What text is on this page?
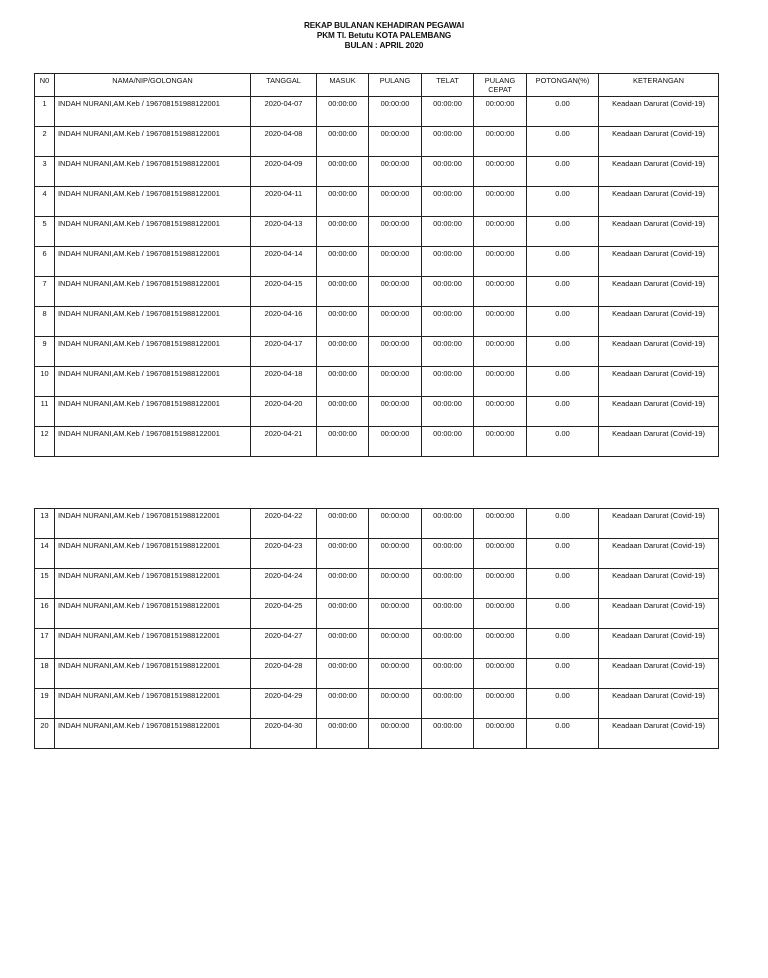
REKAP BULANAN KEHADIRAN PEGAWAI
PKM Tl. Betutu KOTA PALEMBANG
BULAN : APRIL 2020
N0	NAMA/NIP/GOLONGAN	TANGGAL	MASUK	PULANG	TELAT	PULANG CEPAT	POTONGAN(%)	KETERANGAN
1	INDAH NURANI,AM.Keb / 196708151988122001	2020-04-07	00:00:00	00:00:00	00:00:00	00:00:00	0.00	Keadaan Darurat (Covid-19)
2	INDAH NURANI,AM.Keb / 196708151988122001	2020-04-08	00:00:00	00:00:00	00:00:00	00:00:00	0.00	Keadaan Darurat (Covid-19)
3	INDAH NURANI,AM.Keb / 196708151988122001	2020-04-09	00:00:00	00:00:00	00:00:00	00:00:00	0.00	Keadaan Darurat (Covid-19)
4	INDAH NURANI,AM.Keb / 196708151988122001	2020-04-11	00:00:00	00:00:00	00:00:00	00:00:00	0.00	Keadaan Darurat (Covid-19)
5	INDAH NURANI,AM.Keb / 196708151988122001	2020-04-13	00:00:00	00:00:00	00:00:00	00:00:00	0.00	Keadaan Darurat (Covid-19)
6	INDAH NURANI,AM.Keb / 196708151988122001	2020-04-14	00:00:00	00:00:00	00:00:00	00:00:00	0.00	Keadaan Darurat (Covid-19)
7	INDAH NURANI,AM.Keb / 196708151988122001	2020-04-15	00:00:00	00:00:00	00:00:00	00:00:00	0.00	Keadaan Darurat (Covid-19)
8	INDAH NURANI,AM.Keb / 196708151988122001	2020-04-16	00:00:00	00:00:00	00:00:00	00:00:00	0.00	Keadaan Darurat (Covid-19)
9	INDAH NURANI,AM.Keb / 196708151988122001	2020-04-17	00:00:00	00:00:00	00:00:00	00:00:00	0.00	Keadaan Darurat (Covid-19)
10	INDAH NURANI,AM.Keb / 196708151988122001	2020-04-18	00:00:00	00:00:00	00:00:00	00:00:00	0.00	Keadaan Darurat (Covid-19)
11	INDAH NURANI,AM.Keb / 196708151988122001	2020-04-20	00:00:00	00:00:00	00:00:00	00:00:00	0.00	Keadaan Darurat (Covid-19)
12	INDAH NURANI,AM.Keb / 196708151988122001	2020-04-21	00:00:00	00:00:00	00:00:00	00:00:00	0.00	Keadaan Darurat (Covid-19)
13	INDAH NURANI,AM.Keb / 196708151988122001	2020-04-22	00:00:00	00:00:00	00:00:00	00:00:00	0.00	Keadaan Darurat (Covid-19)
14	INDAH NURANI,AM.Keb / 196708151988122001	2020-04-23	00:00:00	00:00:00	00:00:00	00:00:00	0.00	Keadaan Darurat (Covid-19)
15	INDAH NURANI,AM.Keb / 196708151988122001	2020-04-24	00:00:00	00:00:00	00:00:00	00:00:00	0.00	Keadaan Darurat (Covid-19)
16	INDAH NURANI,AM.Keb / 196708151988122001	2020-04-25	00:00:00	00:00:00	00:00:00	00:00:00	0.00	Keadaan Darurat (Covid-19)
17	INDAH NURANI,AM.Keb / 196708151988122001	2020-04-27	00:00:00	00:00:00	00:00:00	00:00:00	0.00	Keadaan Darurat (Covid-19)
18	INDAH NURANI,AM.Keb / 196708151988122001	2020-04-28	00:00:00	00:00:00	00:00:00	00:00:00	0.00	Keadaan Darurat (Covid-19)
19	INDAH NURANI,AM.Keb / 196708151988122001	2020-04-29	00:00:00	00:00:00	00:00:00	00:00:00	0.00	Keadaan Darurat (Covid-19)
20	INDAH NURANI,AM.Keb / 196708151988122001	2020-04-30	00:00:00	00:00:00	00:00:00	00:00:00	0.00	Keadaan Darurat (Covid-19)
